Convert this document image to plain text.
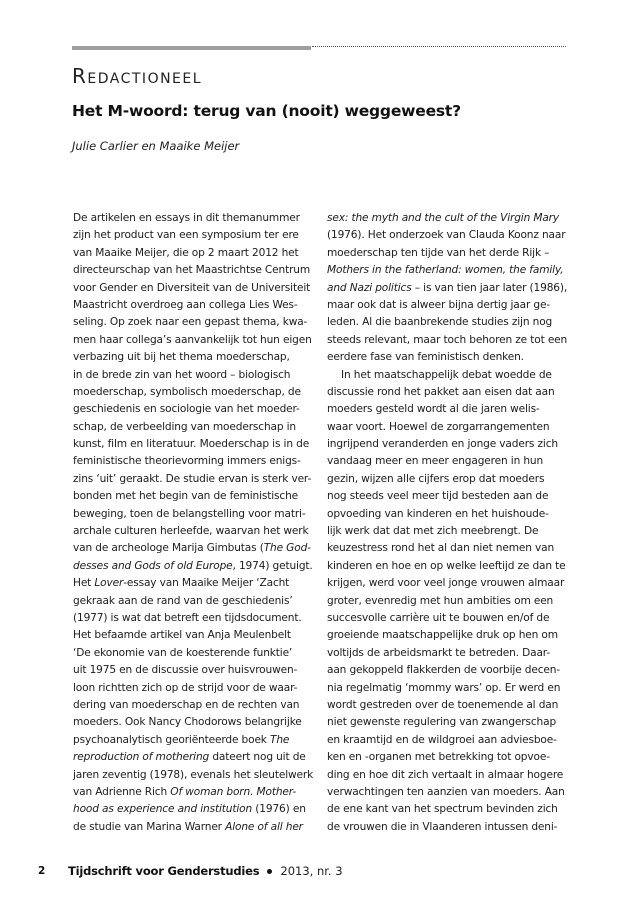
Redactioneel
Het M-woord: terug van (nooit) weggeweest?
Julie Carlier en Maaike Meijer
De artikelen en essays in dit themanummer
zijn het product van een symposium ter ere
van Maaike Meijer, die op 2 maart 2012 het
directeurschap van het Maastrichtse Centrum
voor Gender en Diversiteit van de Universiteit
Maastricht overdroeg aan collega Lies Wes-
seling. Op zoek naar een gepast thema, kwa-
men haar collega’s aanvankelijk tot hun eigen
verbazing uit bij het thema moederschap,
in de brede zin van het woord – biologisch
moederschap, symbolisch moederschap, de
geschiedenis en sociologie van het moeder-
schap, de verbeelding van moederschap in
kunst, film en literatuur. Moederschap is in de
feministische theorievorming immers enigs-
zins ‘uit’ geraakt. De studie ervan is sterk ver-
bonden met het begin van de feministische
beweging, toen de belangstelling voor matri-
archale culturen herleefde, waarvan het werk
van de archeologe Marija Gimbutas (The God-
desses and Gods of old Europe, 1974) getuigt.
Het Lover-essay van Maaike Meijer ‘Zacht
gekraak aan de rand van de geschiedenis’
(1977) is wat dat betreft een tijdsdocument.
Het befaamde artikel van Anja Meulenbelt
‘De ekonomie van de koesterende funktie’
uit 1975 en de discussie over huisvrouwen-
loon richtten zich op de strijd voor de waar-
dering van moederschap en de rechten van
moeders. Ook Nancy Chodorows belangrijke
psychoanalytisch georiënteerde boek The
reproduction of mothering dateert nog uit de
jaren zeventig (1978), evenals het sleutelwerk
van Adrienne Rich Of woman born. Mother-
hood as experience and institution (1976) en
de studie van Marina Warner Alone of all her
sex: the myth and the cult of the Virgin Mary
(1976). Het onderzoek van Clauda Koonz naar
moederschap ten tijde van het derde Rijk –
Mothers in the fatherland: women, the family,
and Nazi politics – is van tien jaar later (1986),
maar ook dat is alweer bijna dertig jaar ge-
leden. Al die baanbrekende studies zijn nog
steeds relevant, maar toch behoren ze tot een
eerdere fase van feministisch denken.
In het maatschappelijk debat woedde de
discussie rond het pakket aan eisen dat aan
moeders gesteld wordt al die jaren welis-
waar voort. Hoewel de zorgarrangementen
ingrijpend veranderden en jonge vaders zich
vandaag meer en meer engageren in hun
gezin, wijzen alle cijfers erop dat moeders
nog steeds veel meer tijd besteden aan de
opvoeding van kinderen en het huishoude-
lijk werk dat dat met zich meebrengt. De
keuzestress rond het al dan niet nemen van
kinderen en hoe en op welke leeftijd ze dan te
krijgen, werd voor veel jonge vrouwen almaar
groter, evenredig met hun ambities om een
succesvolle carrière uit te bouwen en/of de
groeiende maatschappelijke druk op hen om
voltijds de arbeidsmarkt te betreden. Daar-
aan gekoppeld flakkerden de voorbije decen-
nia regelmatig ‘mommy wars’ op. Er werd en
wordt gestreden over de toenemende al dan
niet gewenste regulering van zwangerschap
en kraamtijd en de wildgroei aan adviesboe-
ken en -organen met betrekking tot opvoe-
ding en hoe dit zich vertaalt in almaar hogere
verwachtingen ten aanzien van moeders. Aan
de ene kant van het spectrum bevinden zich
de vrouwen die in Vlaanderen intussen deni-
2	Tijdschrift voor Genderstudies 2013, nr. 3
